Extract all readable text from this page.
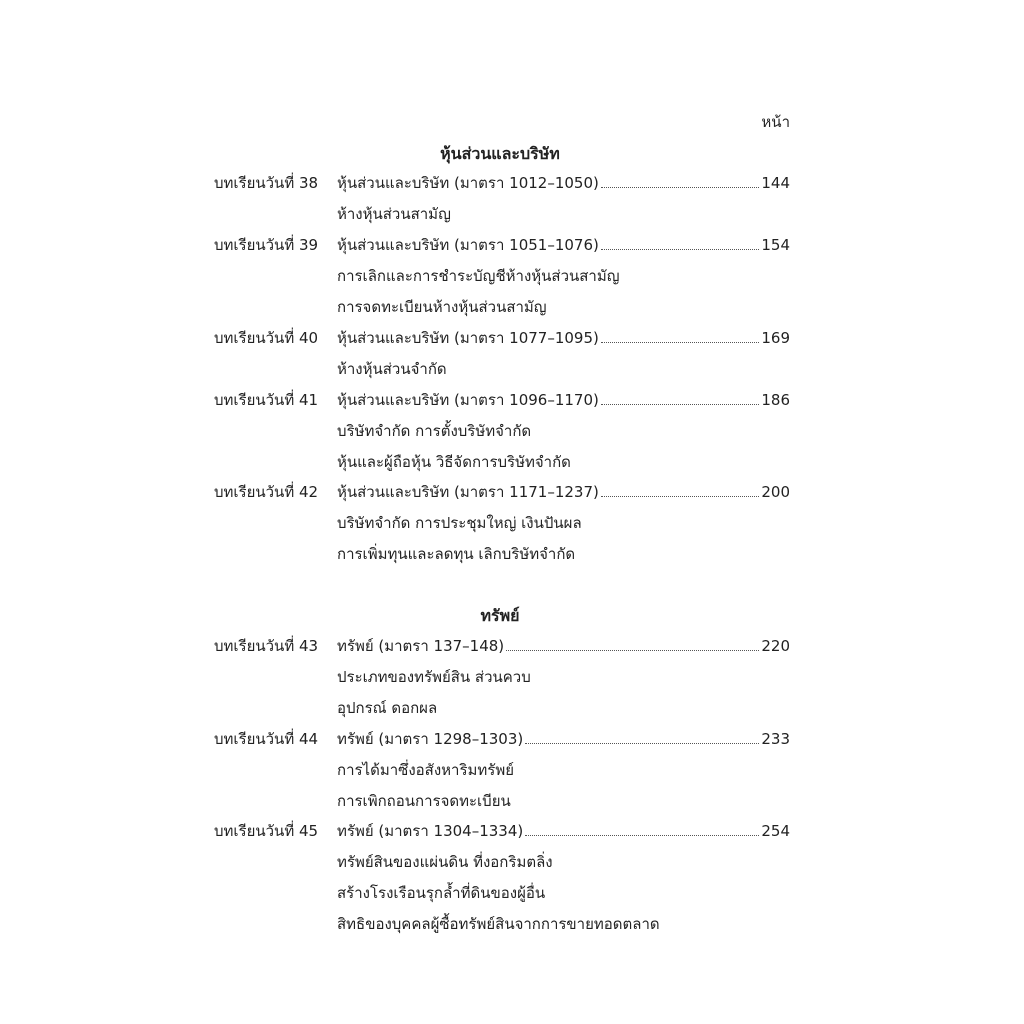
หน้า
หุ้นส่วนและบริษัท
บทเรียนวันที่ 38	หุ้นส่วนและบริษัท (มาตรา 1012–1050)	144
ห้างหุ้นส่วนสามัญ
บทเรียนวันที่ 39	หุ้นส่วนและบริษัท (มาตรา 1051–1076)	154
การเลิกและการชำระบัญชีห้างหุ้นส่วนสามัญ
การจดทะเบียนห้างหุ้นส่วนสามัญ
บทเรียนวันที่ 40	หุ้นส่วนและบริษัท (มาตรา 1077–1095)	169
ห้างหุ้นส่วนจำกัด
บทเรียนวันที่ 41	หุ้นส่วนและบริษัท (มาตรา 1096–1170)	186
บริษัทจำกัด การตั้งบริษัทจำกัด
หุ้นและผู้ถือหุ้น วิธีจัดการบริษัทจำกัด
บทเรียนวันที่ 42	หุ้นส่วนและบริษัท (มาตรา 1171–1237)	200
บริษัทจำกัด การประชุมใหญ่ เงินปันผล
การเพิ่มทุนและลดทุน เลิกบริษัทจำกัด
ทรัพย์
บทเรียนวันที่ 43	ทรัพย์ (มาตรา 137–148)	220
ประเภทของทรัพย์สิน ส่วนควบ
อุปกรณ์ ดอกผล
บทเรียนวันที่ 44	ทรัพย์ (มาตรา 1298–1303)	233
การได้มาซึ่งอสังหาริมทรัพย์
การเพิกถอนการจดทะเบียน
บทเรียนวันที่ 45	ทรัพย์ (มาตรา 1304–1334)	254
ทรัพย์สินของแผ่นดิน ที่งอกริมตลิ่ง
สร้างโรงเรือนรุกล้ำที่ดินของผู้อื่น
สิทธิของบุคคลผู้ซื้อทรัพย์สินจากการขายทอดตลาด
